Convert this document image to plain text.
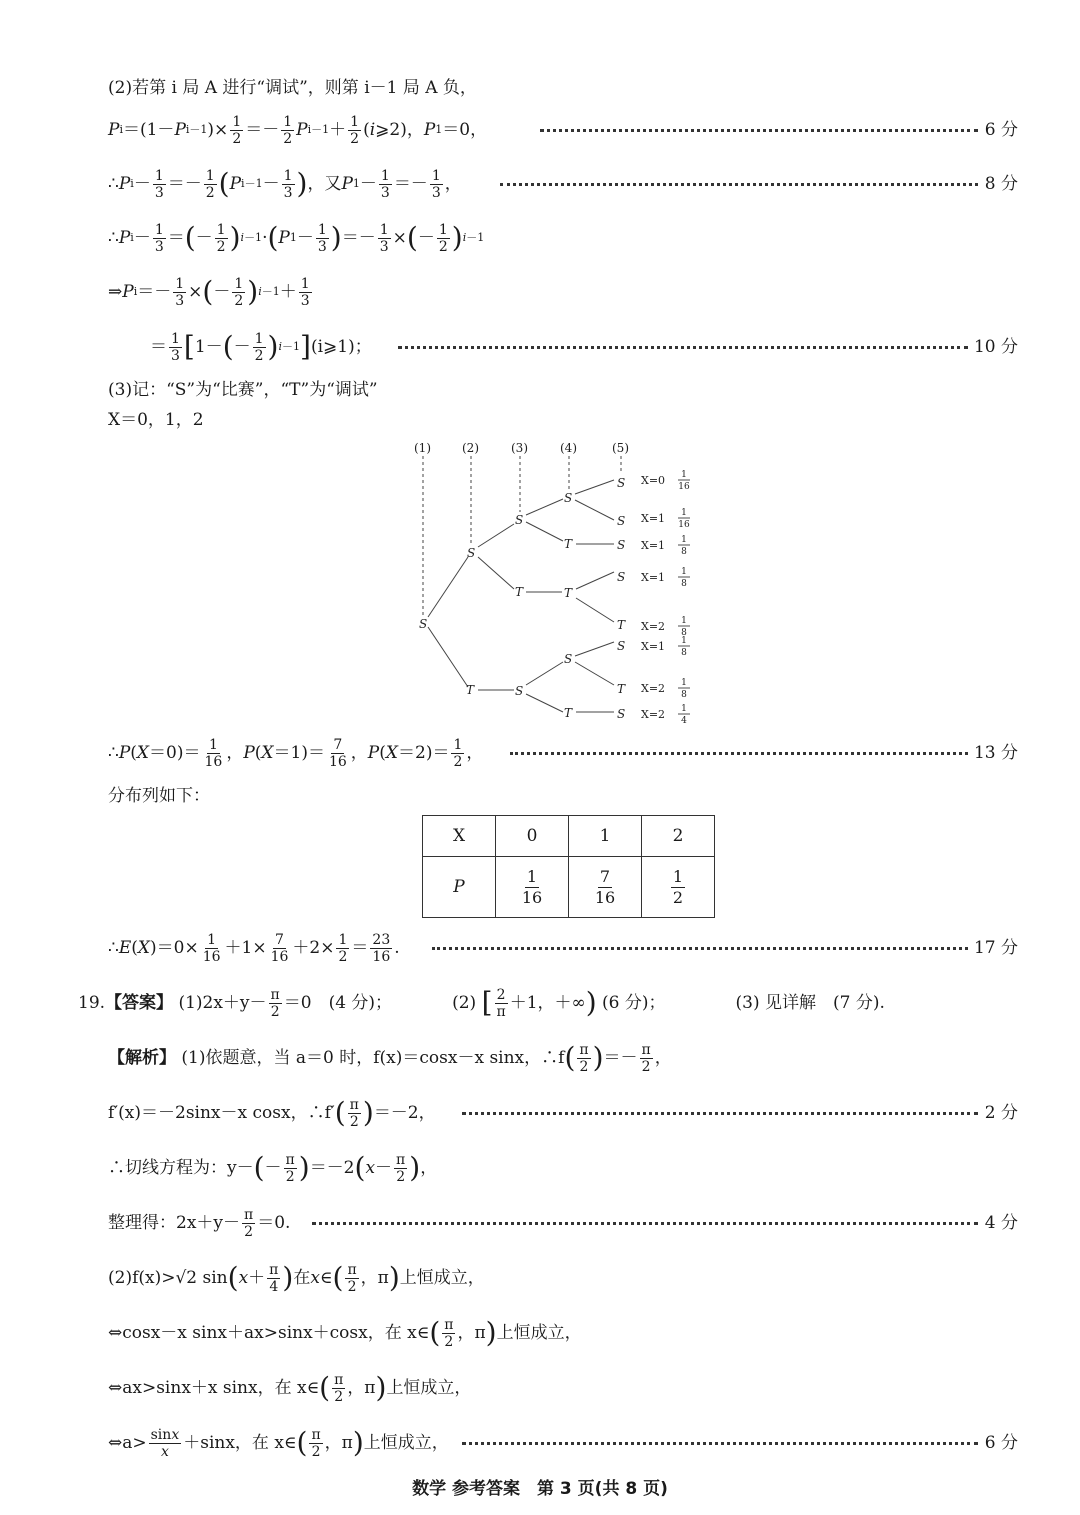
(2)若第 i 局 A 进行“调试”，则第 i－1 局 A 负，
P i ＝(1－ P i－1 )× $\frac{1}{2} =- \frac{1}{2}$ P $i-1 + \frac{1}{2}$ ( i ⩾2)， P 1 ＝0，	6 分
∴ P $i - \frac{1}{3} =- \frac{1}{2}$ ( P $i-1 - \frac{1}{3}$ ) ，又 P $1 - \frac{1}{3} =- \frac{1}{3}$ ，	8 分
∴ P $i - \frac{1}{3}$ ＝ ( － $\frac{1}{2}$ ) i－1 · ( P $1 - \frac{1}{3}$ ) ＝－ $\frac{1}{3}$ × ( － $\frac{1}{2}$ ) i－1
⇒ P $i =- \frac{1}{3}$ × ( － $\frac{1}{2}$ ) $i-1 + \frac{1}{3}$
＝ $\frac{1}{3}$ [ 1－ ( － $\frac{1}{2}$ ) i－1 ] (i⩾1)；	10 分
(3)记：“S”为“比赛”，“T”为“调试”
X＝0，1，2
(1)	(2)	(3)	(4)	(5)
S
S
T
S
T
S
T
S
S
S
T
S
T
S
S
T
S
T
S
X=0
X=1
X=1
X=1
X=2
X=1
X=2
X=2
1
16
1
16
1
8
1
8
1
8
1
8
1
8
1
4
∴ P ( $X =0)= \frac{1}{16}$ ， P ( $X =1)= \frac{7}{16}$ ， P ( $X =2)= \frac{1}{2}$ ，	13 分
分布列如下：
X	0	1	2
P	$\frac{1}{16}$	$\frac{7}{16}$	$\frac{1}{2}$
∴ E ( X )$=0\times \frac{1}{16} +1\times \frac{7}{16} +2\times \frac{1}{2} = \frac{23}{16}$ .	17 分
19. 【答案】
$(1)2x+y- \frac{\pi}{2} =0$　(4 分)；	(2)
[ $\frac{2}{\pi} +1$，＋∞ )
(6 分)；	(3) 见详解　(7 分).
【解析】
(1)依题意，当 a＝0 时，f(x)＝cosx－x sinx，∴f ( $\frac{\pi}{2}$ ) ＝－ $\frac{\pi}{2}$ ，
f′(x)＝－2sinx－x cosx，∴f′ ( $\frac{\pi}{2}$ ) ＝－2，	2 分
∴切线方程为：y－ ( － $\frac{\pi}{2}$ ) ＝－2 ( $x - \frac{\pi}{2}$ ) ，
整理得：$2x+y- \frac{\pi}{2} =0$.	4 分
(2)f(x)>√2 sin ( $x + \frac{\pi}{4}$ ) 在 x ∈ ( $\frac{\pi}{2}$ ，π ) 上恒成立，
⇔cosx－x sinx＋ax>sinx＋cosx，在 x∈ ( $\frac{\pi}{2}$ ，π ) 上恒成立，
⇔ax>sinx＋x sinx，在 x∈ ( $\frac{\pi}{2}$ ，π ) 上恒成立，
⇔a> $\frac{\sin x}{x} +\sin x$，在 x∈ ( $\frac{\pi}{2}$ ，π ) 上恒成立，	6 分
数学 参考答案　第 3 页(共 8 页)
